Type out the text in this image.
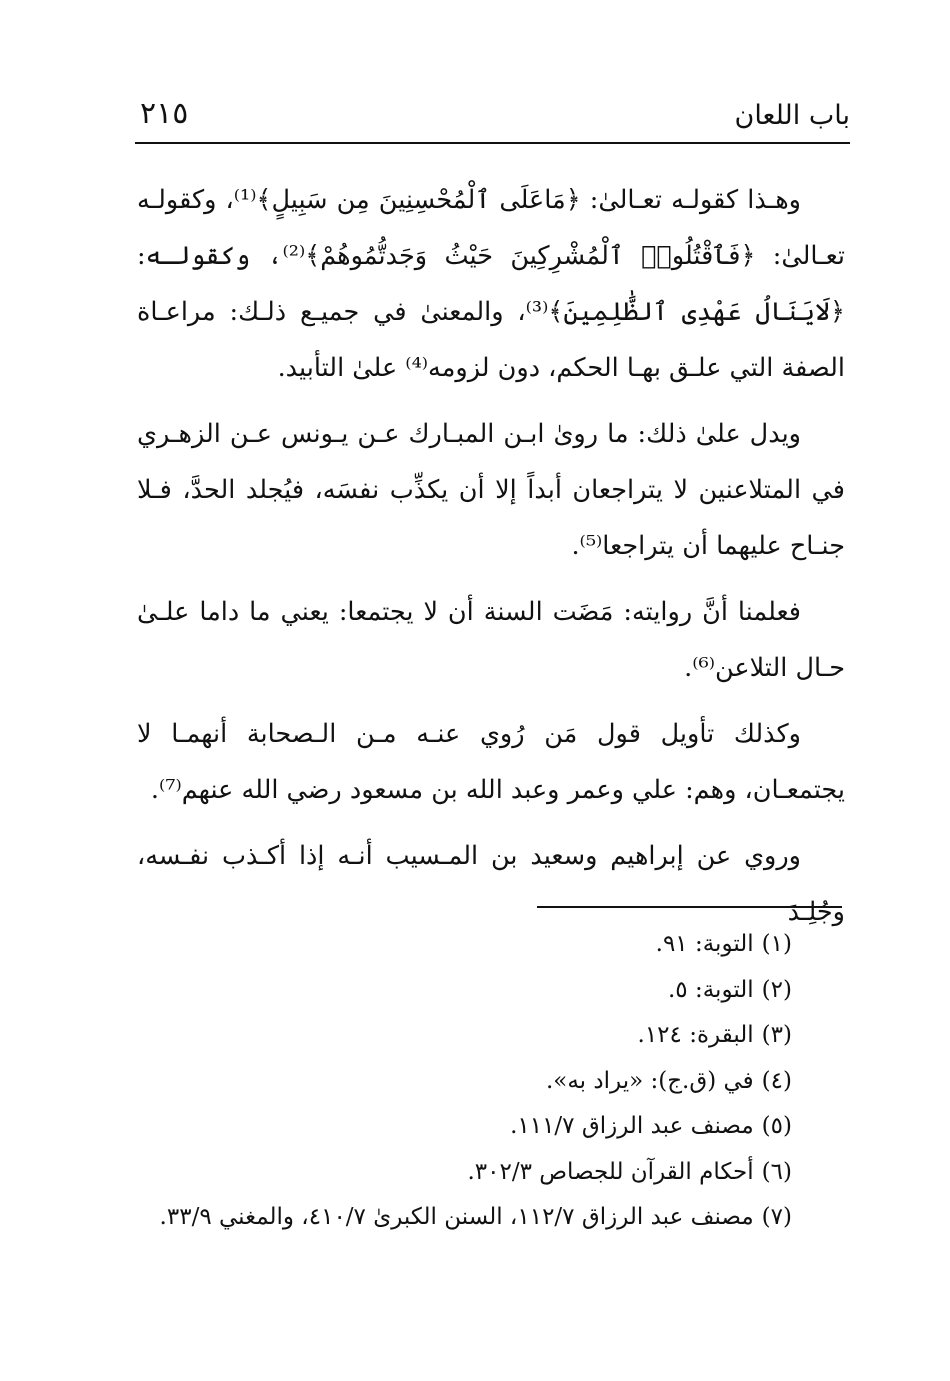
٢١٥	باب اللعان

وهـذا كقولـه تعـالىٰ: ﴿مَاعَلَى ٱلْمُحْسِنِينَ مِن سَبِيلٍ﴾⁽¹⁾، وكقولـه تعـالىٰ: ﴿فَٱقْتُلُوا۟ ٱلْمُشْرِكِينَ حَيْثُ وَجَدتُّمُوهُمْ﴾⁽²⁾، وكقولـه: ﴿لَايَنَالُ عَهْدِى ٱلظَّٰلِمِينَ﴾⁽³⁾، والمعنىٰ في جميـع ذلـك: مراعـاة الصفة التي علـق بهـا الحكم، دون لزومه⁽⁴⁾ علىٰ التأبيد.

ويدل علىٰ ذلك: ما روىٰ ابـن المبـارك عـن يـونس عـن الزهـري في المتلاعنين لا يتراجعان أبداً إلا أن يكذِّب نفسَه، فيُجلد الحدَّ، فـلا جنـاح عليهما أن يتراجعا⁽⁵⁾.

فعلمنا أنَّ روايته: مَضَت السنة أن لا يجتمعا: يعني ما داما علـىٰ حـال التلاعن⁽⁶⁾.

وكذلك تأويل قول مَن رُوي عنـه مـن الـصحابة أنهمـا لا يجتمعـان، وهم: علي وعمر وعبد الله بن مسعود رضي الله عنهم⁽⁷⁾.

وروي عن إبراهيم وسعيد بن المـسيب أنـه إذا أكـذب نفـسه، وجُلِـدَ

(١)التوبة: ٩١.
(٢)التوبة: ٥.
(٣)البقرة: ١٢٤.
(٤)في (ق.ج): «يراد به».
(٥)مصنف عبد الرزاق ١١١/٧.
(٦)أحكام القرآن للجصاص ٣٠٢/٣.
(٧)مصنف عبد الرزاق ١١٢/٧، السنن الكبرىٰ ٤١٠/٧، والمغني ٣٣/٩.
